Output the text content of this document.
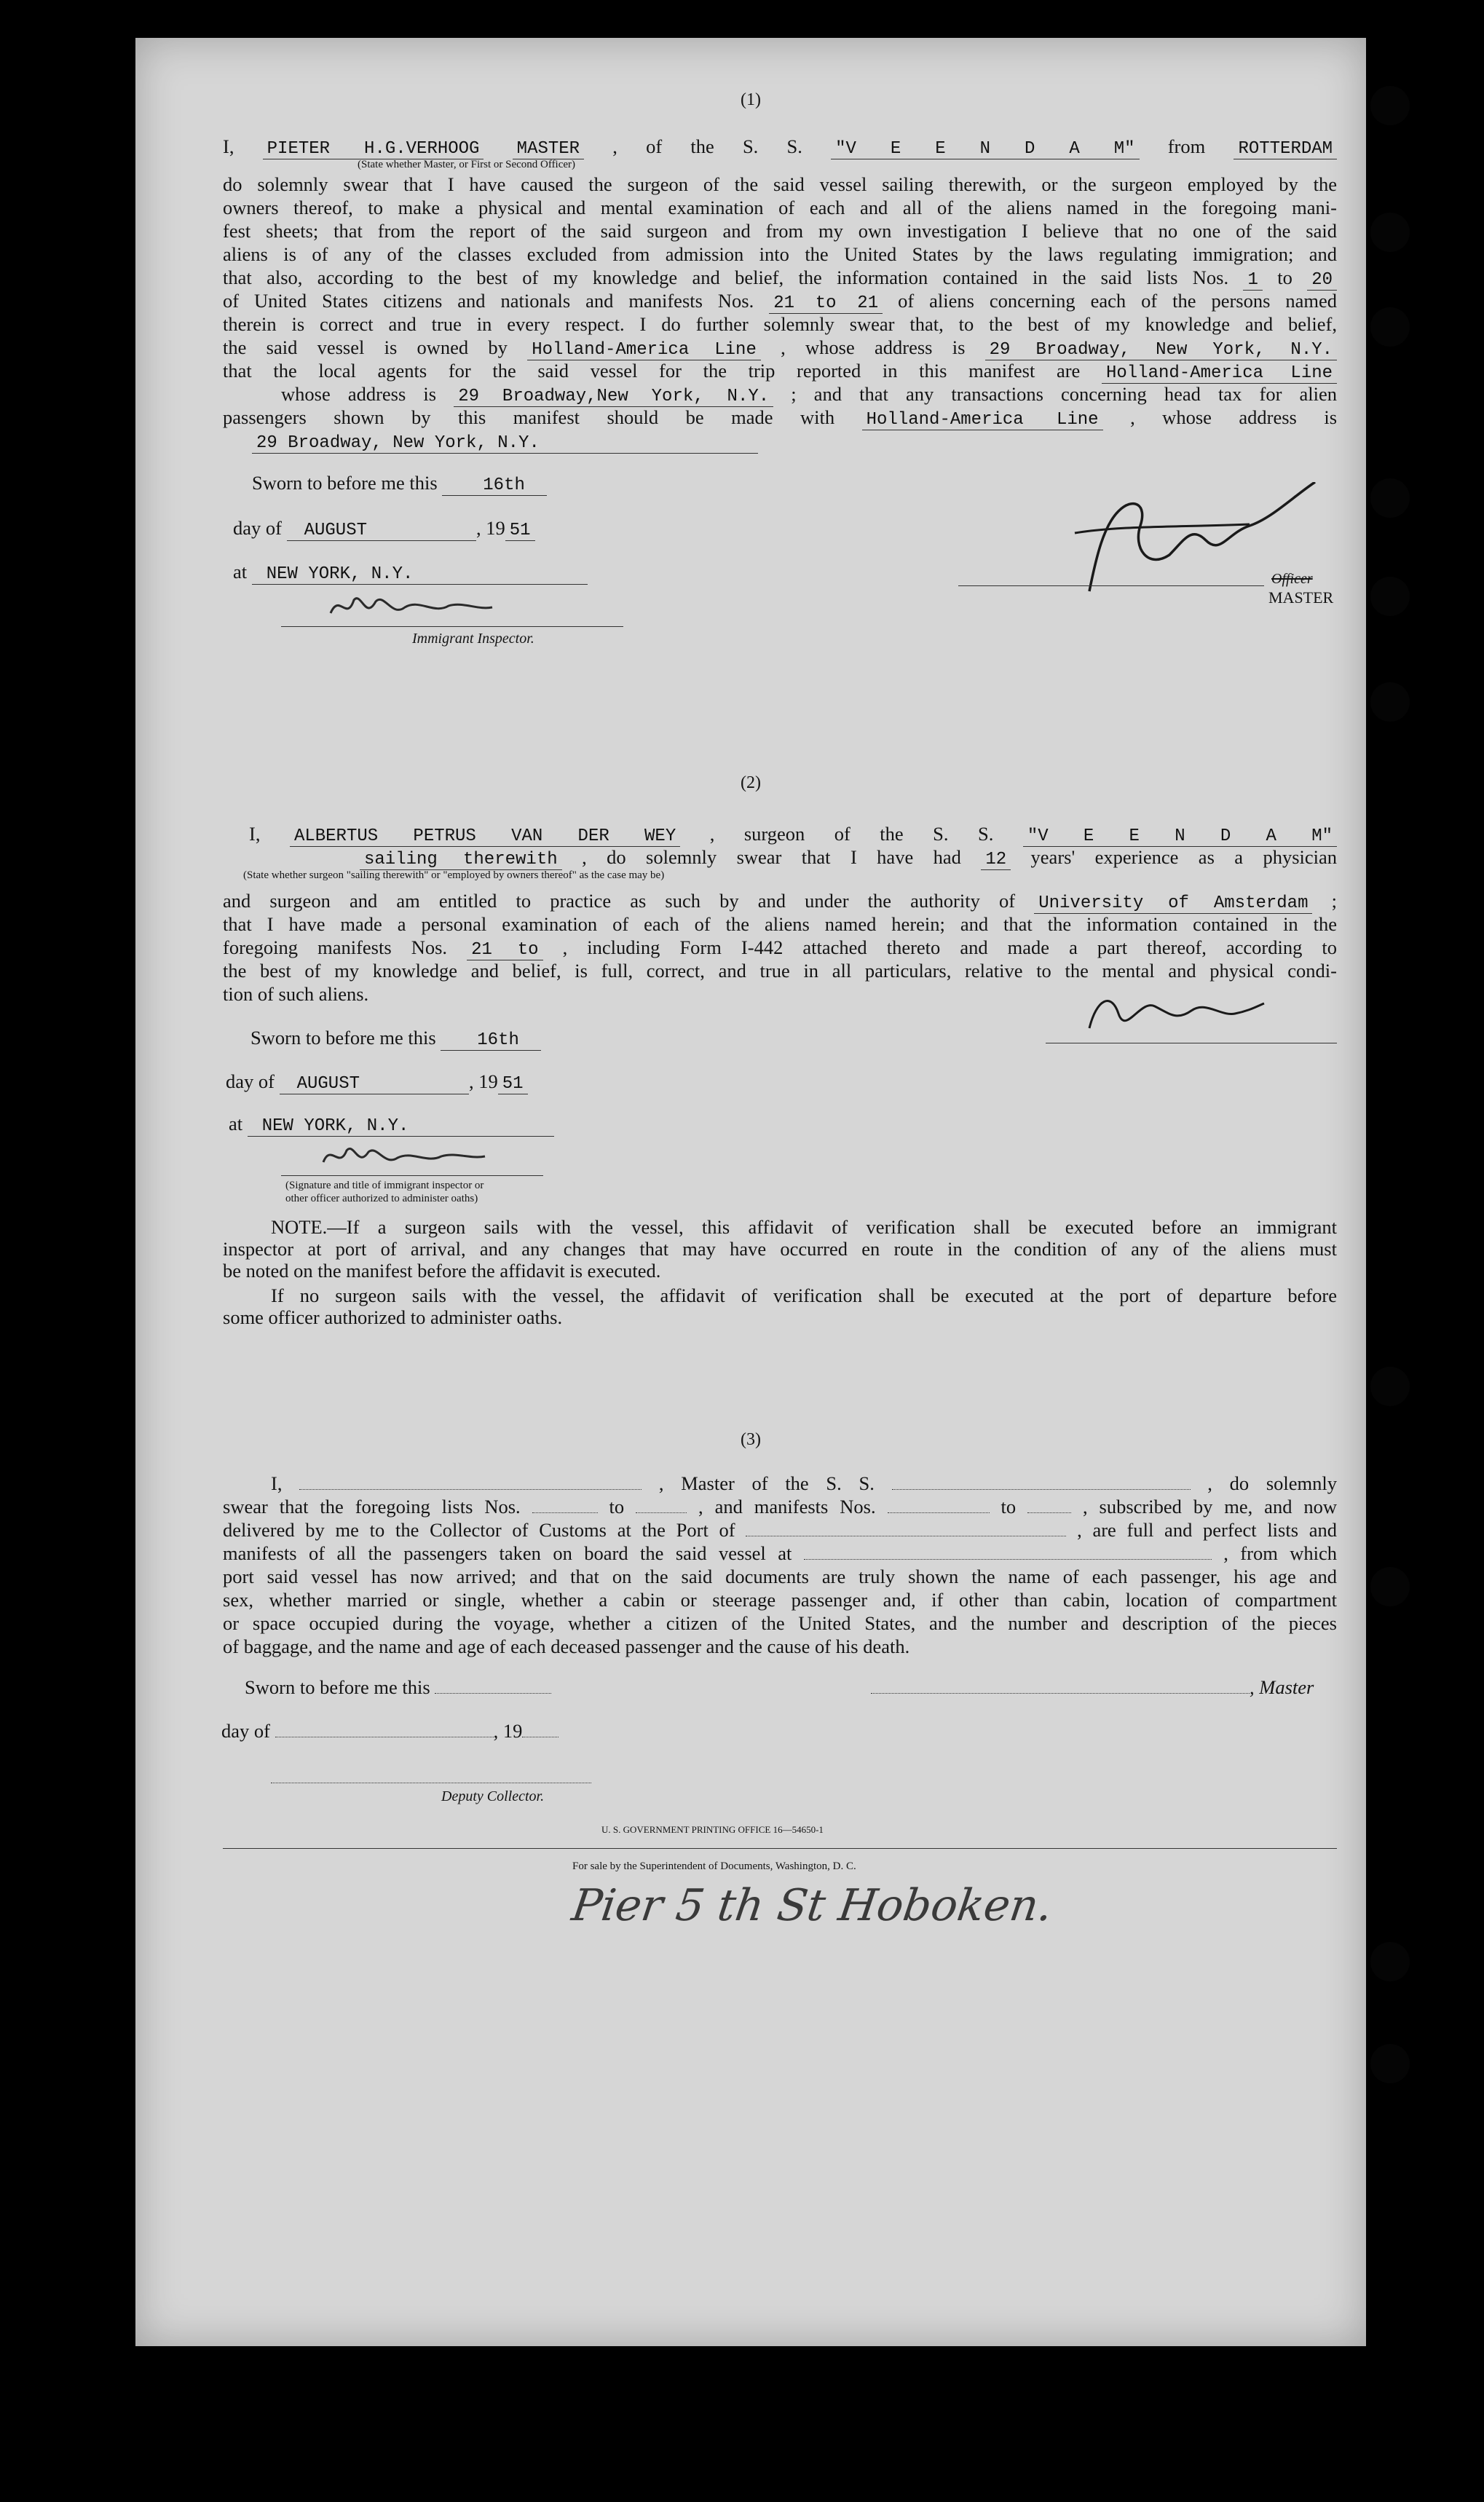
(1)
I, PIETER H.G.VERHOOG MASTER , of the S. S. "V E E N D A M" from ROTTERDAM
(State whether Master, or First or Second Officer)
do solemnly swear that I have caused the surgeon of the said vessel sailing therewith, or the surgeon employed by the
owners thereof, to make a physical and mental examination of each and all of the aliens named in the foregoing mani-
fest sheets; that from the report of the said surgeon and from my own investigation I believe that no one of the said
aliens is of any of the classes excluded from admission into the United States by the laws regulating immigration; and
that also, according to the best of my knowledge and belief, the information contained in the said lists Nos. 1 to 20
of United States citizens and nationals and manifests Nos. 21 to 21 of aliens concerning each of the persons named
therein is correct and true in every respect. I do further solemnly swear that, to the best of my knowledge and belief,
the said vessel is owned by Holland-America Line , whose address is 29 Broadway, New York, N.Y.
that the local agents for the said vessel for the trip reported in this manifest are Holland-America Line
whose address is 29 Broadway,New York, N.Y. ; and that any transactions concerning head tax for alien
passengers shown by this manifest should be made with Holland-America Line , whose address is
29 Broadway, New York, N.Y.
Sworn to before me this	16th
day of AUGUST	, 19 51
at NEW YORK, N.Y.
Immigrant Inspector.
Officer
MASTER
(2)
I, ALBERTUS PETRUS VAN DER WEY , surgeon of the S. S. "V E E N D A M"
sailing therewith , do solemnly swear that I have had 12 years' experience as a physician
(State whether surgeon "sailing therewith" or "employed by owners thereof" as the case may be)
and surgeon and am entitled to practice as such by and under the authority of University of Amsterdam ;
that I have made a personal examination of each of the aliens named herein; and that the information contained in the
foregoing manifests Nos. 21 to , including Form I-442 attached thereto and made a part thereof, according to
the best of my knowledge and belief, is full, correct, and true in all particulars, relative to the mental and physical condi-
tion of such aliens.
Sworn to before me this 16th
day of AUGUST	, 19 51
at NEW YORK, N.Y.
(Signature and title of immigrant inspector or
other officer authorized to administer oaths)
NOTE.—If a surgeon sails with the vessel, this affidavit of verification shall be executed before an immigrant
inspector at port of arrival, and any changes that may have occurred en route in the condition of any of the aliens must
be noted on the manifest before the affidavit is executed.
If no surgeon sails with the vessel, the affidavit of verification shall be executed at the port of departure before
some officer authorized to administer oaths.
(3)
I,	, Master of the S. S.	, do solemnly
swear that the foregoing lists Nos.	to	, and manifests Nos.	to	, subscribed by me, and now
delivered by me to the Collector of Customs at the Port of	, are full and perfect lists and
manifests of all the passengers taken on board the said vessel at	, from which
port said vessel has now arrived; and that on the said documents are truly shown the name of each passenger, his age and
sex, whether married or single, whether a cabin or steerage passenger and, if other than cabin, location of compartment
or space occupied during the voyage, whether a citizen of the United States, and the number and description of the pieces
of baggage, and the name and age of each deceased passenger and the cause of his death.
Sworn to before me this	, Master
day of	, 19
Deputy Collector.
U. S. GOVERNMENT PRINTING OFFICE 16—54650-1
For sale by the Superintendent of Documents, Washington, D. C.
Pier 5 th St Hoboken.
